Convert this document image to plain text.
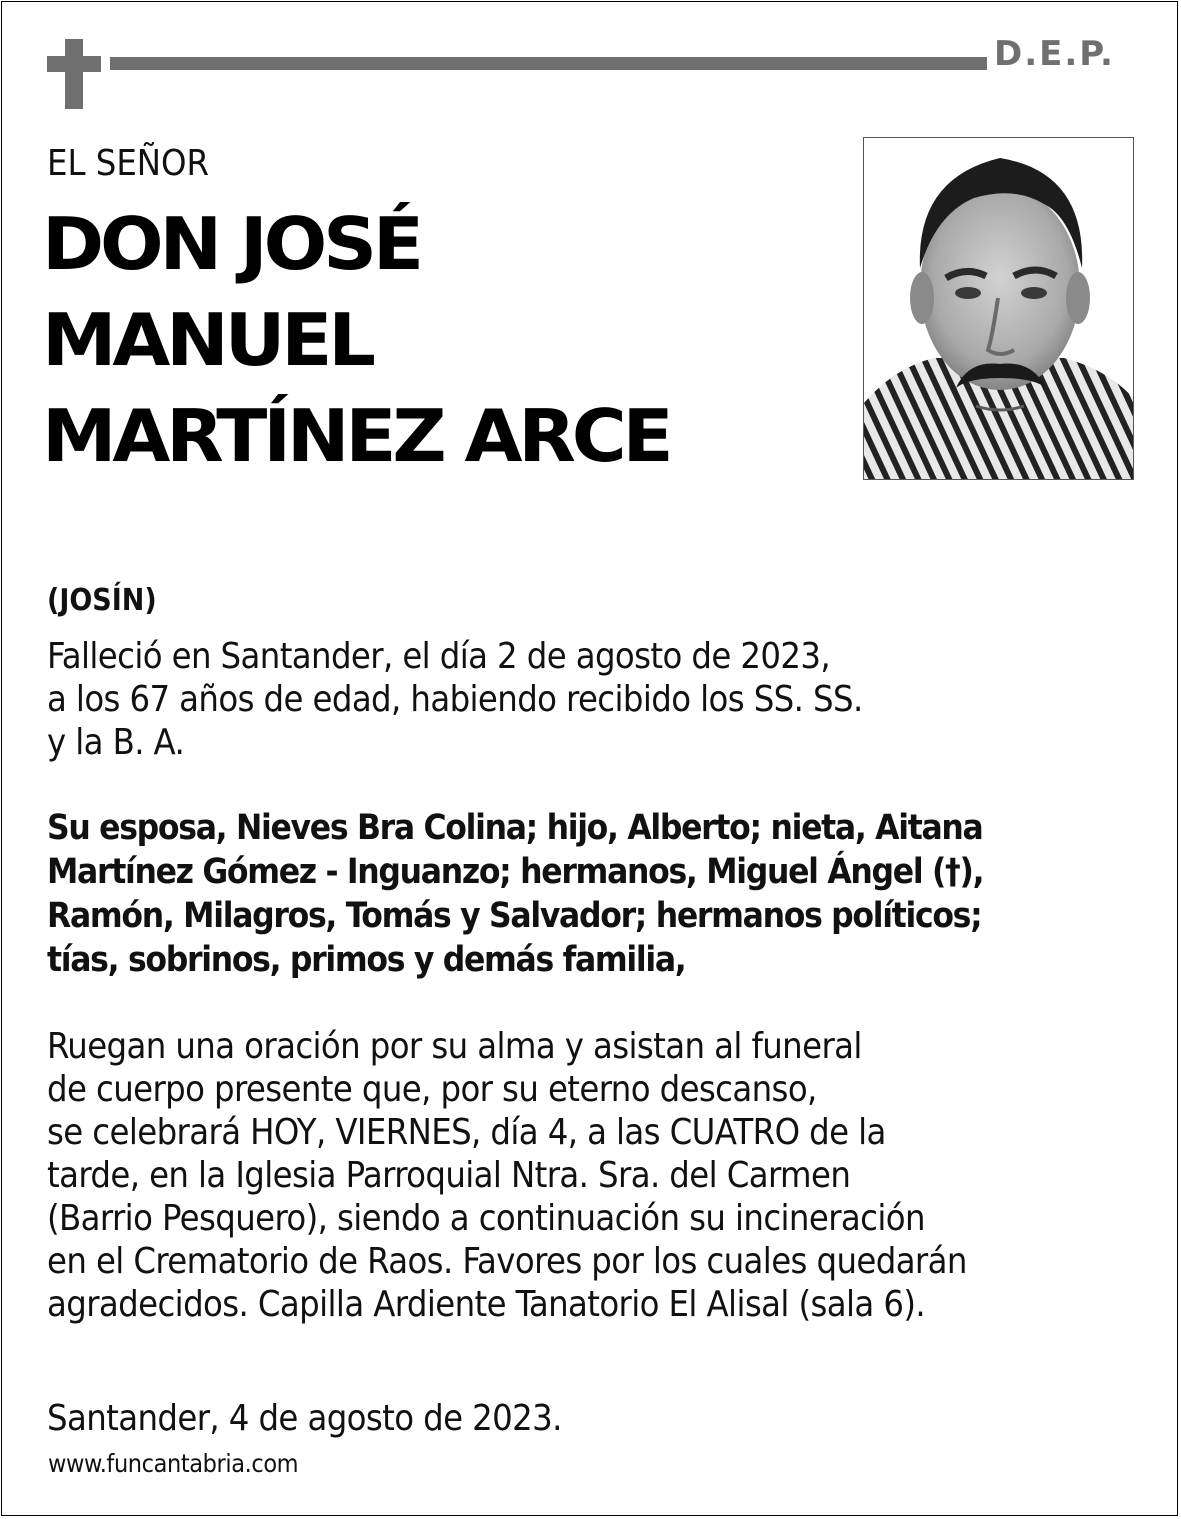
D.E.P.
EL SEÑOR
DON JOSÉ
MANUEL
MARTÍNEZ ARCE
(JOSÍN)
Falleció en Santander, el día 2 de agosto de 2023,
a los 67 años de edad, habiendo recibido los SS. SS.
y la B. A.
Su esposa, Nieves Bra Colina; hijo, Alberto; nieta, Aitana
Martínez Gómez - Inguanzo; hermanos, Miguel Ángel (†),
Ramón, Milagros, Tomás y Salvador; hermanos políticos;
tías, sobrinos, primos y demás familia,
Ruegan una oración por su alma y asistan al funeral
de cuerpo presente que, por su eterno descanso,
se celebrará HOY, VIERNES, día 4, a las CUATRO de la
tarde, en la Iglesia Parroquial Ntra. Sra. del Carmen
(Barrio Pesquero), siendo a continuación su incineración
en el Crematorio de Raos. Favores por los cuales quedarán
agradecidos. Capilla Ardiente Tanatorio El Alisal (sala 6).
Santander, 4 de agosto de 2023.
www.funcantabria.com
